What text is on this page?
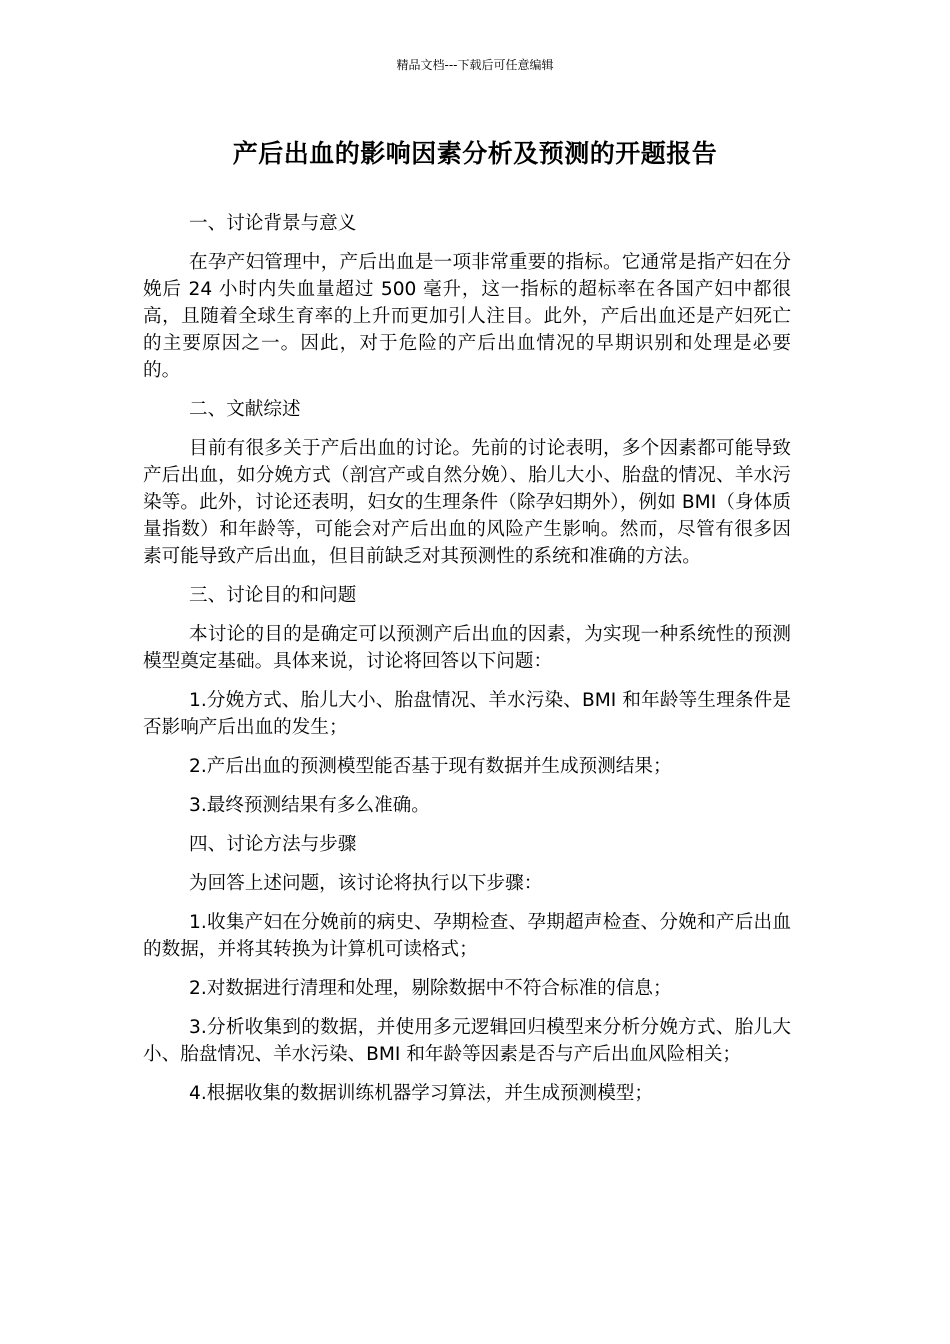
精品文档---下载后可任意编辑
产后出血的影响因素分析及预测的开题报告
一、讨论背景与意义

在孕产妇管理中，产后出血是一项非常重要的指标。它通常是指产妇在分娩后 24 小时内失血量超过 500 毫升，这一指标的超标率在各国产妇中都很高，且随着全球生育率的上升而更加引人注目。此外，产后出血还是产妇死亡的主要原因之一。因此，对于危险的产后出血情况的早期识别和处理是必要的。

二、文献综述

目前有很多关于产后出血的讨论。先前的讨论表明，多个因素都可能导致产后出血，如分娩方式（剖宫产或自然分娩）、胎儿大小、胎盘的情况、羊水污染等。此外，讨论还表明，妇女的生理条件（除孕妇期外），例如 BMI（身体质量指数）和年龄等，可能会对产后出血的风险产生影响。然而，尽管有很多因素可能导致产后出血，但目前缺乏对其预测性的系统和准确的方法。

三、讨论目的和问题

本讨论的目的是确定可以预测产后出血的因素，为实现一种系统性的预测模型奠定基础。具体来说，讨论将回答以下问题：

1.分娩方式、胎儿大小、胎盘情况、羊水污染、BMI 和年龄等生理条件是否影响产后出血的发生；

2.产后出血的预测模型能否基于现有数据并生成预测结果；

3.最终预测结果有多么准确。

四、讨论方法与步骤

为回答上述问题，该讨论将执行以下步骤：

1.收集产妇在分娩前的病史、孕期检查、孕期超声检查、分娩和产后出血的数据，并将其转换为计算机可读格式；

2.对数据进行清理和处理，剔除数据中不符合标准的信息；

3.分析收集到的数据，并使用多元逻辑回归模型来分析分娩方式、胎儿大小、胎盘情况、羊水污染、BMI 和年龄等因素是否与产后出血风险相关；

4.根据收集的数据训练机器学习算法，并生成预测模型；
